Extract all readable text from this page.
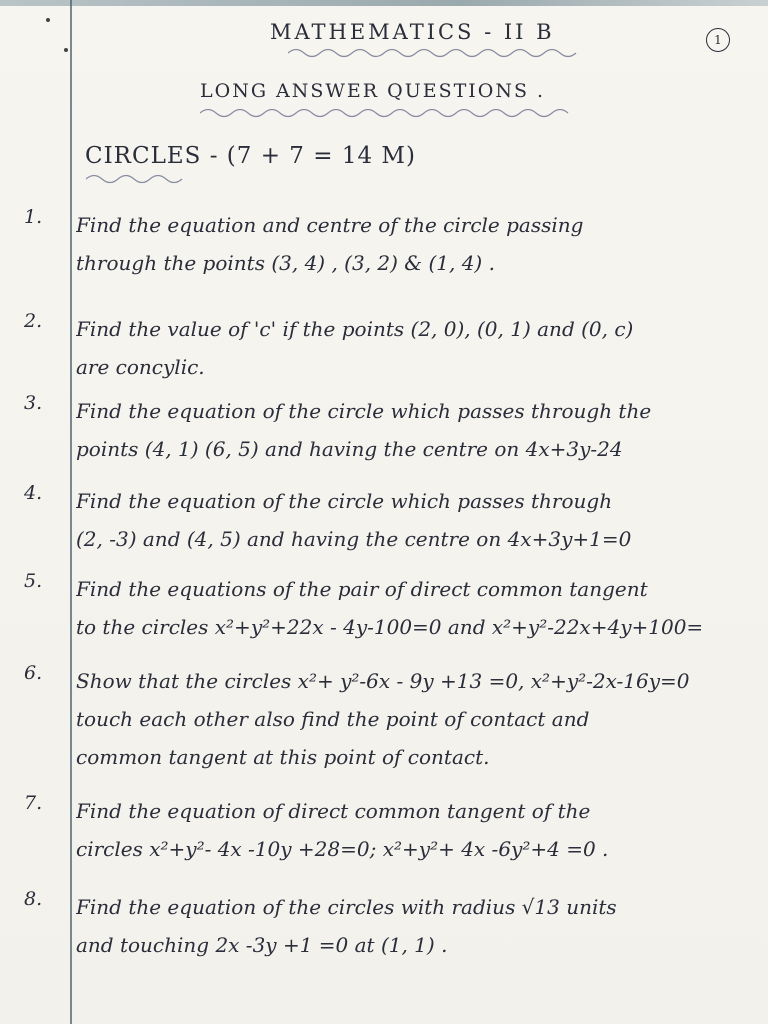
MATHEMATICS - II B	1
LONG ANSWER QUESTIONS .
CIRCLES - (7 + 7 = 14 M)
1.	Find the equation and centre of the circle passing
through the points (3, 4) , (3, 2) & (1, 4) .
2.	Find the value of 'c' if the points (2, 0), (0, 1) and (0, c)
are concylic.
3.	Find the equation of the circle which passes through the
points (4, 1) (6, 5) and having the centre on 4x+3y-24
4.	Find the equation of the circle which passes through
(2, -3) and (4, 5) and having the centre on 4x+3y+1=0
5.	Find the equations of the pair of direct common tangent
to the circles x²+y²+22x - 4y-100=0 and x²+y²-22x+4y+100=
6.	Show that the circles x²+ y²-6x - 9y +13 =0, x²+y²-2x-16y=0
touch each other also find the point of contact and
common tangent at this point of contact.
7.	Find the equation of direct common tangent of the
circles x²+y²- 4x -10y +28=0; x²+y²+ 4x -6y²+4 =0 .
8.	Find the equation of the circles with radius √13 units
and touching 2x -3y +1 =0 at (1, 1) .
